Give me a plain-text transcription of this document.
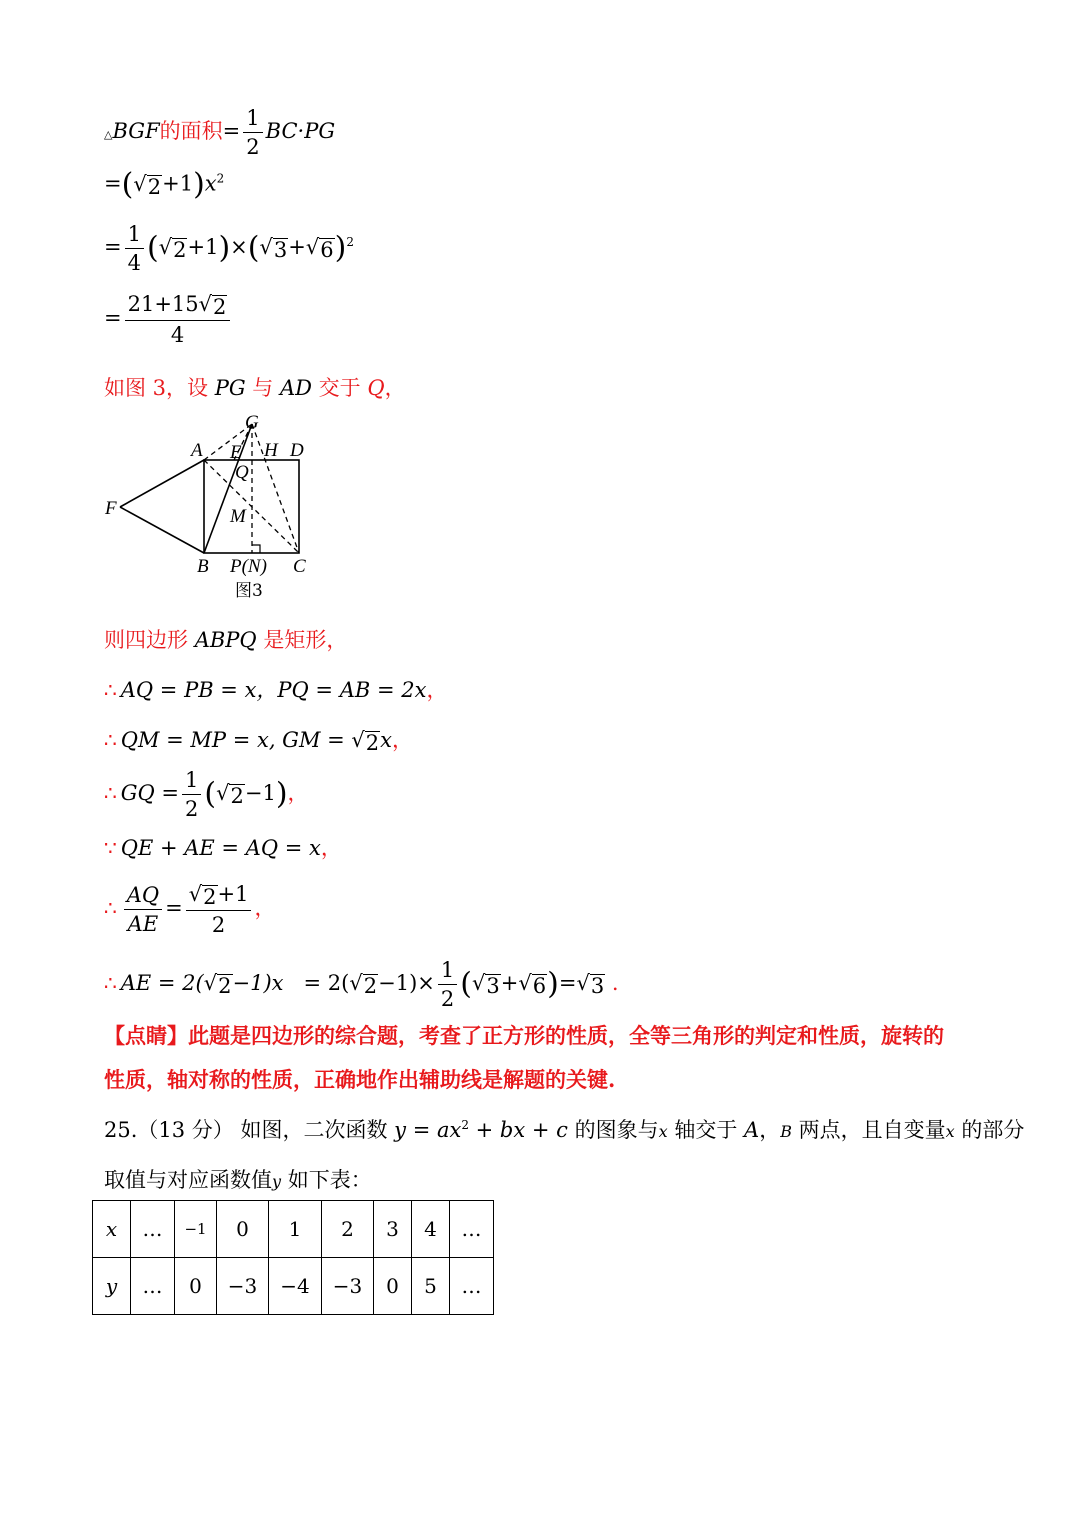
△BGF的面积= $\frac{1}{2} BC\cdot PG$
=( √ $2 +1)x^2$
= $\frac{1}{4}$ ( √ 2 +1)×( √ 3 + √ 6 )$^2$
= $\frac{21+15 √ 2}{4}$
如图 3，设 PG 与 AD 交于 Q，
G
A E H D
Q
F	M
B P(N) C
图3
则四边形 ABPQ 是矩形，
∴ AQ = PB = x，PQ = AB = 2x，
∴ QM = MP = x, GM = √ 2 x，
∴ GQ = $\frac{1}{2}$ ( √ 2 −1)，
∵ QE + AE = AQ = x，
∴ $\frac{AQ}{AE} = \frac{√ 2 +1}{2}$ ，
∴ AE = 2( √ 2 −1)x = 2( √ $2 -1)\times \frac{1}{2}$ ( √ 3 + √ 6 )= √ 3 .
【点睛】此题是四边形的综合题，考查了正方形的性质，全等三角形的判定和性质，旋转的
性质，轴对称的性质，正确地作出辅助线是解题的关键.
25.（13 分） 如图，二次函数 $y = ax^2$ + bx + c 的图象与x 轴交于 A，B 两点，且自变量x 的部分
取值与对应函数值y 如下表：
x	…	−1	0	1	2	3	4	…
y	…	0	−3	−4	−3	0	5	…
